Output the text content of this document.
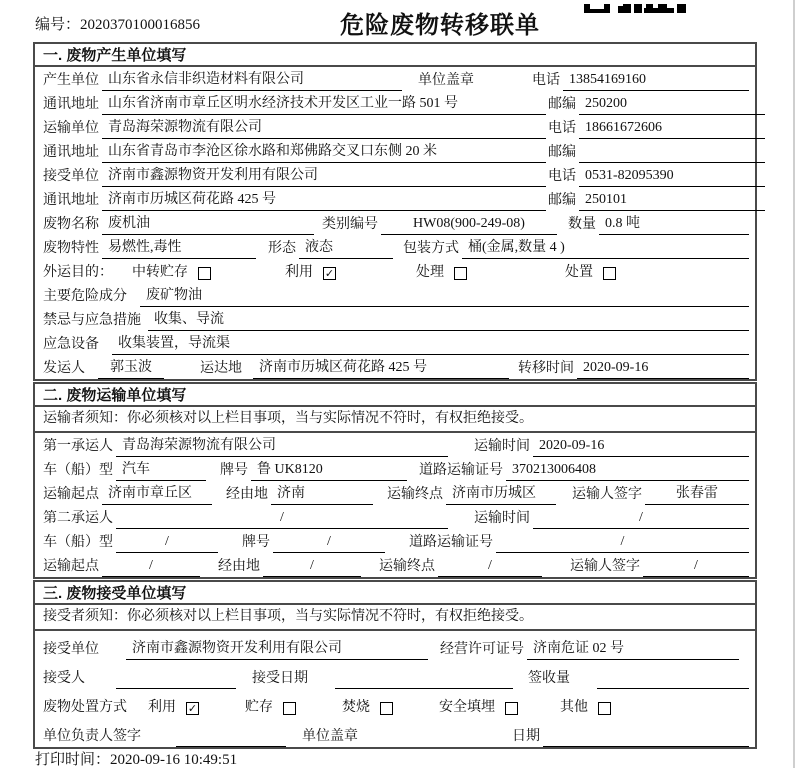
编号：2020370100016856	危险废物转移联单
一. 废物产生单位填写
产生单位 山东省永信非织造材料有限公司	单位盖章	电话 13854169160
通讯地址 山东省济南市章丘区明水经济技术开发区工业一路 501 号	邮编 250200
运输单位 青岛海荣源物流有限公司	电话 18661672606
通讯地址 山东省青岛市李沧区徐水路和郑佛路交叉口东侧 20 米	邮编
接受单位 济南市鑫源物资开发利用有限公司	电话 0531-82095390
通讯地址 济南市历城区荷花路 425 号	邮编 250101
废物名称 废机油	类别编号	HW08(900-249-08)	数量 0.8 吨
废物特性 易燃性,毒性	形态 液态	包装方式 桶(金属,数量 4 )
外运目的： 中转贮存	利用 ✓	处理	处置
主要危险成分	废矿物油
禁忌与应急措施 收集、导流
应急设备	收集装置，导流渠
发运人	郭玉波	运达地	济南市历城区荷花路 425 号	转移时间 2020-09-16
二. 废物运输单位填写
运输者须知：你必须核对以上栏目事项，当与实际情况不符时，有权拒绝接受。
第一承运人 青岛海荣源物流有限公司	运输时间 2020-09-16
车（船）型 汽车	牌号 鲁 UK8120	道路运输证号 370213006408
运输起点 济南市章丘区	经由地 济南	运输终点 济南市历城区	运输人签字	张春雷
第二承运人	/	运输时间	/
车（船）型	/	牌号	/	道路运输证号	/
运输起点	/	经由地	/	运输终点	/	运输人签字	/
三. 废物接受单位填写
接受者须知：你必须核对以上栏目事项，当与实际情况不符时，有权拒绝接受。
接受单位	济南市鑫源物资开发利用有限公司	经营许可证号 济南危证 02 号
接受人	接受日期	签收量
废物处置方式 利用 ✓	贮存	焚烧	安全填埋	其他
单位负责人签字	单位盖章	日期
打印时间：2020-09-16 10:49:51
